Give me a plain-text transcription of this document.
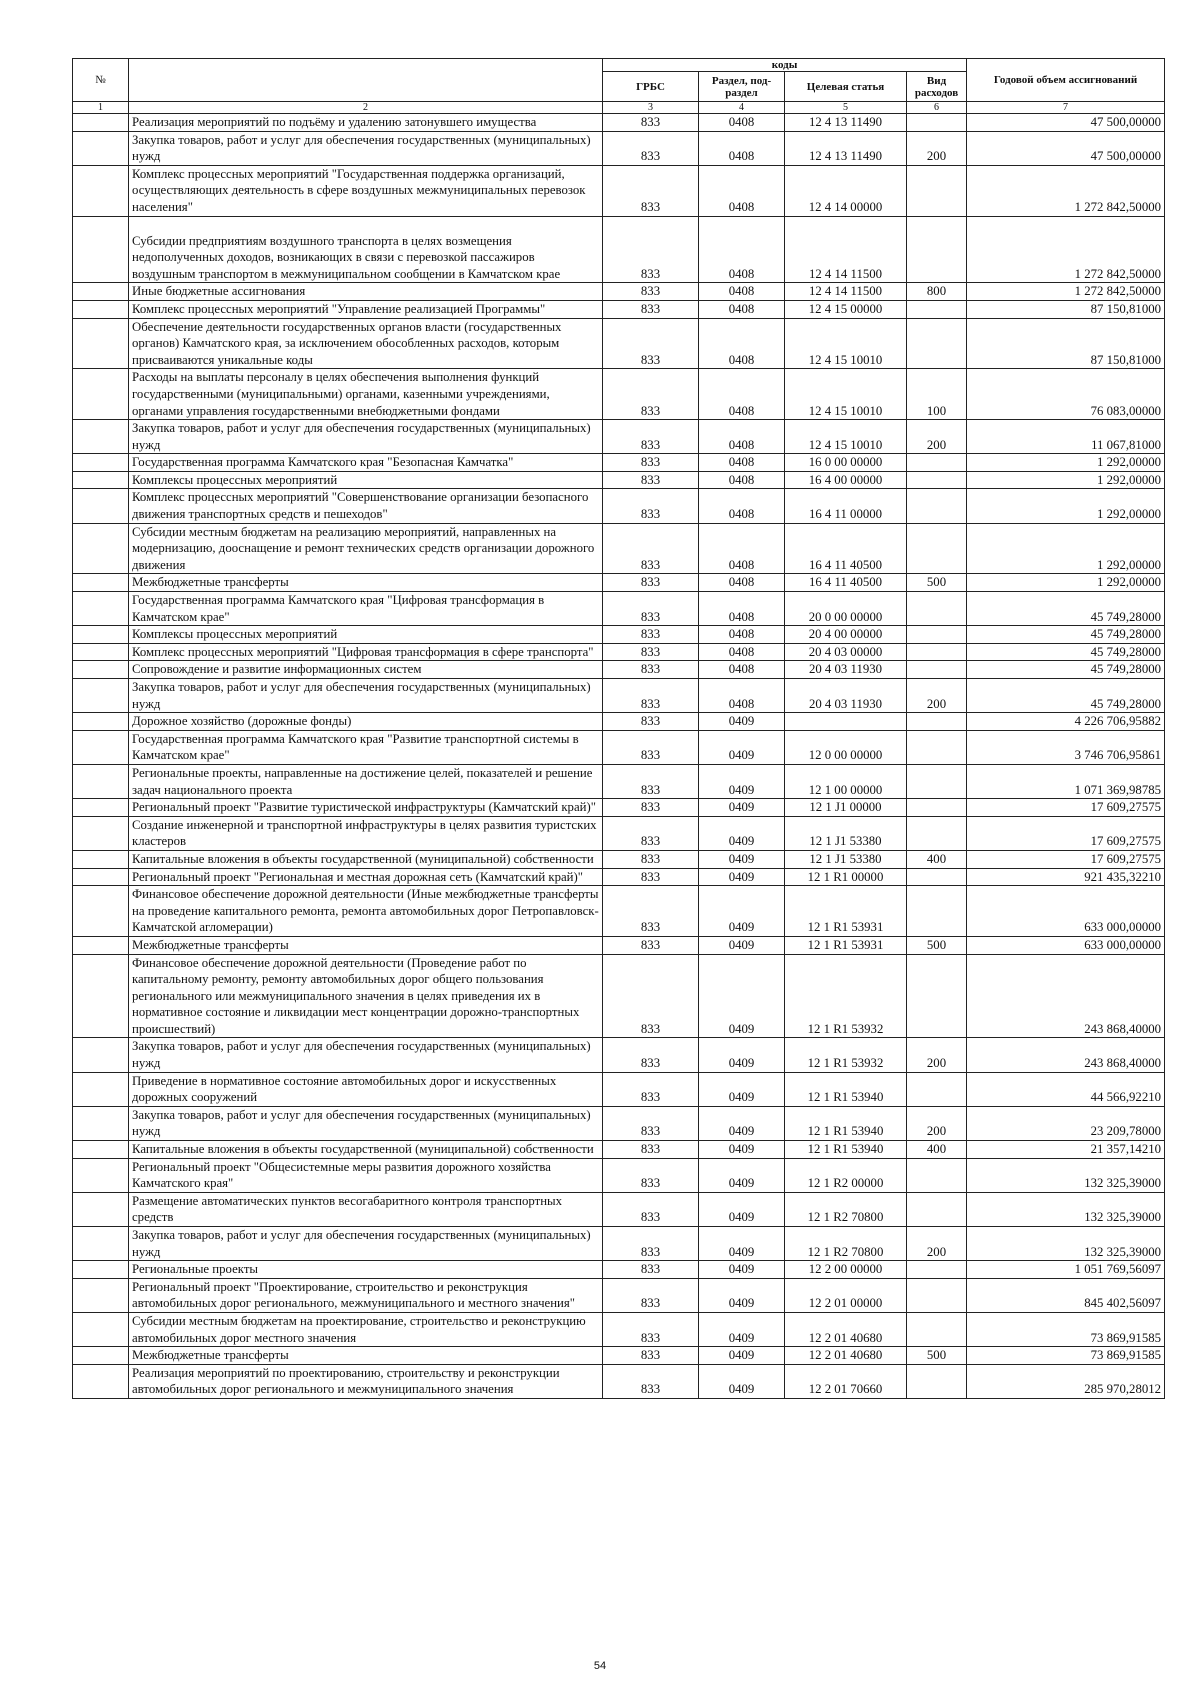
№		коды				Годовой объем ассигнований
		ГРБС	Раздел, под-раздел	Целевая статья	Вид расходов	
1	2	3	4	5	6	7
	Реализация мероприятий по подъёму и удалению затонувшего имущества	833	0408	12 4 13 11490		47 500,00000
	Закупка товаров, работ и услуг для обеспечения государственных (муниципальных) нужд	833	0408	12 4 13 11490	200	47 500,00000
	Комплекс процессных мероприятий "Государственная поддержка организаций, осуществляющих деятельность в сфере воздушных межмуниципальных перевозок населения"	833	0408	12 4 14 00000		1 272 842,50000
	Субсидии предприятиям воздушного транспорта в целях возмещения недополученных доходов, возникающих в связи с перевозкой пассажиров воздушным транспортом в межмуниципальном сообщении в Камчатском крае	833	0408	12 4 14 11500		1 272 842,50000
	Иные бюджетные ассигнования	833	0408	12 4 14 11500	800	1 272 842,50000
	Комплекс процессных мероприятий "Управление реализацией Программы"	833	0408	12 4 15 00000		87 150,81000
	Обеспечение деятельности государственных органов власти (государственных органов) Камчатского края, за исключением обособленных расходов, которым присваиваются уникальные коды	833	0408	12 4 15 10010		87 150,81000
	Расходы на выплаты персоналу в целях обеспечения выполнения функций государственными (муниципальными) органами, казенными учреждениями, органами управления государственными внебюджетными фондами	833	0408	12 4 15 10010	100	76 083,00000
	Закупка товаров, работ и услуг для обеспечения государственных (муниципальных) нужд	833	0408	12 4 15 10010	200	11 067,81000
	Государственная программа Камчатского края "Безопасная Камчатка"	833	0408	16 0 00 00000		1 292,00000
	Комплексы процессных мероприятий	833	0408	16 4 00 00000		1 292,00000
	Комплекс процессных мероприятий "Совершенствование организации безопасного движения транспортных средств и пешеходов"	833	0408	16 4 11 00000		1 292,00000
	Субсидии местным бюджетам на реализацию мероприятий, направленных на модернизацию, дооснащение и ремонт технических средств организации дорожного движения	833	0408	16 4 11 40500		1 292,00000
	Межбюджетные трансферты	833	0408	16 4 11 40500	500	1 292,00000
	Государственная программа Камчатского края "Цифровая трансформация в Камчатском крае"	833	0408	20 0 00 00000		45 749,28000
	Комплексы процессных мероприятий	833	0408	20 4 00 00000		45 749,28000
	Комплекс процессных мероприятий "Цифровая трансформация в сфере транспорта"	833	0408	20 4 03 00000		45 749,28000
	Сопровождение и развитие информационных систем	833	0408	20 4 03 11930		45 749,28000
	Закупка товаров, работ и услуг для обеспечения государственных (муниципальных) нужд	833	0408	20 4 03 11930	200	45 749,28000
	Дорожное хозяйство (дорожные фонды)	833	0409			4 226 706,95882
	Государственная программа Камчатского края "Развитие транспортной системы в Камчатском крае"	833	0409	12 0 00 00000		3 746 706,95861
	Региональные проекты, направленные на достижение целей, показателей и решение задач национального проекта	833	0409	12 1 00 00000		1 071 369,98785
	Региональный проект "Развитие туристической инфраструктуры (Камчатский край)"	833	0409	12 1 J1 00000		17 609,27575
	Создание инженерной и транспортной инфраструктуры в целях развития туристских кластеров	833	0409	12 1 J1 53380		17 609,27575
	Капитальные вложения в объекты государственной (муниципальной) собственности	833	0409	12 1 J1 53380	400	17 609,27575
	Региональный проект "Региональная и местная дорожная сеть (Камчатский край)"	833	0409	12 1 R1 00000		921 435,32210
	Финансовое обеспечение дорожной деятельности (Иные межбюджетные трансферты на проведение капитального ремонта, ремонта автомобильных дорог Петропавловск-Камчатской агломерации)	833	0409	12 1 R1 53931		633 000,00000
	Межбюджетные трансферты	833	0409	12 1 R1 53931	500	633 000,00000
	Финансовое обеспечение дорожной деятельности (Проведение работ по капитальному ремонту, ремонту автомобильных дорог общего пользования регионального или межмуниципального значения в целях приведения их в нормативное состояние и ликвидации мест концентрации дорожно-транспортных происшествий)	833	0409	12 1 R1 53932		243 868,40000
	Закупка товаров, работ и услуг для обеспечения государственных (муниципальных) нужд	833	0409	12 1 R1 53932	200	243 868,40000
	Приведение в нормативное состояние автомобильных дорог и искусственных дорожных сооружений	833	0409	12 1 R1 53940		44 566,92210
	Закупка товаров, работ и услуг для обеспечения государственных (муниципальных) нужд	833	0409	12 1 R1 53940	200	23 209,78000
	Капитальные вложения в объекты государственной (муниципальной) собственности	833	0409	12 1 R1 53940	400	21 357,14210
	Региональный проект "Общесистемные меры развития дорожного хозяйства Камчатского края"	833	0409	12 1 R2 00000		132 325,39000
	Размещение автоматических пунктов весогабаритного контроля транспортных средств	833	0409	12 1 R2 70800		132 325,39000
	Закупка товаров, работ и услуг для обеспечения государственных (муниципальных) нужд	833	0409	12 1 R2 70800	200	132 325,39000
	Региональные проекты	833	0409	12 2 00 00000		1 051 769,56097
	Региональный проект "Проектирование, строительство и реконструкция автомобильных дорог регионального, межмуниципального и местного значения"	833	0409	12 2 01 00000		845 402,56097
	Субсидии местным бюджетам на проектирование, строительство и реконструкцию автомобильных дорог местного значения	833	0409	12 2 01 40680		73 869,91585
	Межбюджетные трансферты	833	0409	12 2 01 40680	500	73 869,91585
	Реализация мероприятий по проектированию, строительству и реконструкции автомобильных дорог регионального и межмуниципального значения	833	0409	12 2 01 70660		285 970,28012
54
